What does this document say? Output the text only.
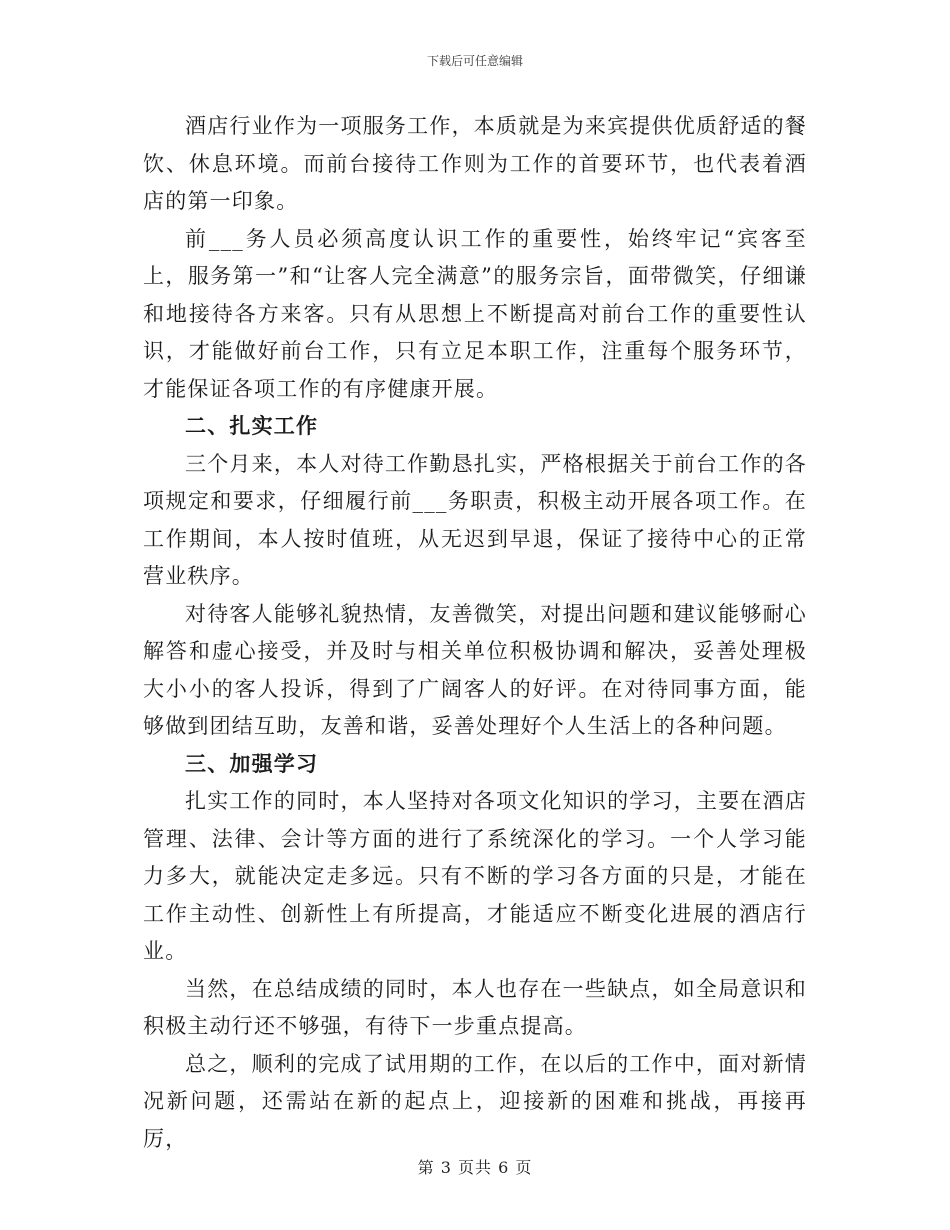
下载后可任意编辑

酒店行业作为一项服务工作，本质就是为来宾提供优质舒适的餐饮、休息环境。而前台接待工作则为工作的首要环节，也代表着酒店的第一印象。

前___务人员必须高度认识工作的重要性，始终牢记“宾客至上，服务第一”和“让客人完全满意”的服务宗旨，面带微笑，仔细谦和地接待各方来客。只有从思想上不断提高对前台工作的重要性认识，才能做好前台工作，只有立足本职工作，注重每个服务环节，才能保证各项工作的有序健康开展。

二、扎实工作

三个月来，本人对待工作勤恳扎实，严格根据关于前台工作的各项规定和要求，仔细履行前___务职责，积极主动开展各项工作。在工作期间，本人按时值班，从无迟到早退，保证了接待中心的正常营业秩序。

对待客人能够礼貌热情，友善微笑，对提出问题和建议能够耐心解答和虚心接受，并及时与相关单位积极协调和解决，妥善处理极大小小的客人投诉，得到了广阔客人的好评。在对待同事方面，能够做到团结互助，友善和谐，妥善处理好个人生活上的各种问题。

三、加强学习

扎实工作的同时，本人坚持对各项文化知识的学习，主要在酒店管理、法律、会计等方面的进行了系统深化的学习。一个人学习能力多大，就能决定走多远。只有不断的学习各方面的只是，才能在工作主动性、创新性上有所提高，才能适应不断变化进展的酒店行业。

当然，在总结成绩的同时，本人也存在一些缺点，如全局意识和积极主动行还不够强，有待下一步重点提高。

总之，顺利的完成了试用期的工作，在以后的工作中，面对新情况新问题，还需站在新的起点上，迎接新的困难和挑战，再接再厉，

第 3 页共 6 页
